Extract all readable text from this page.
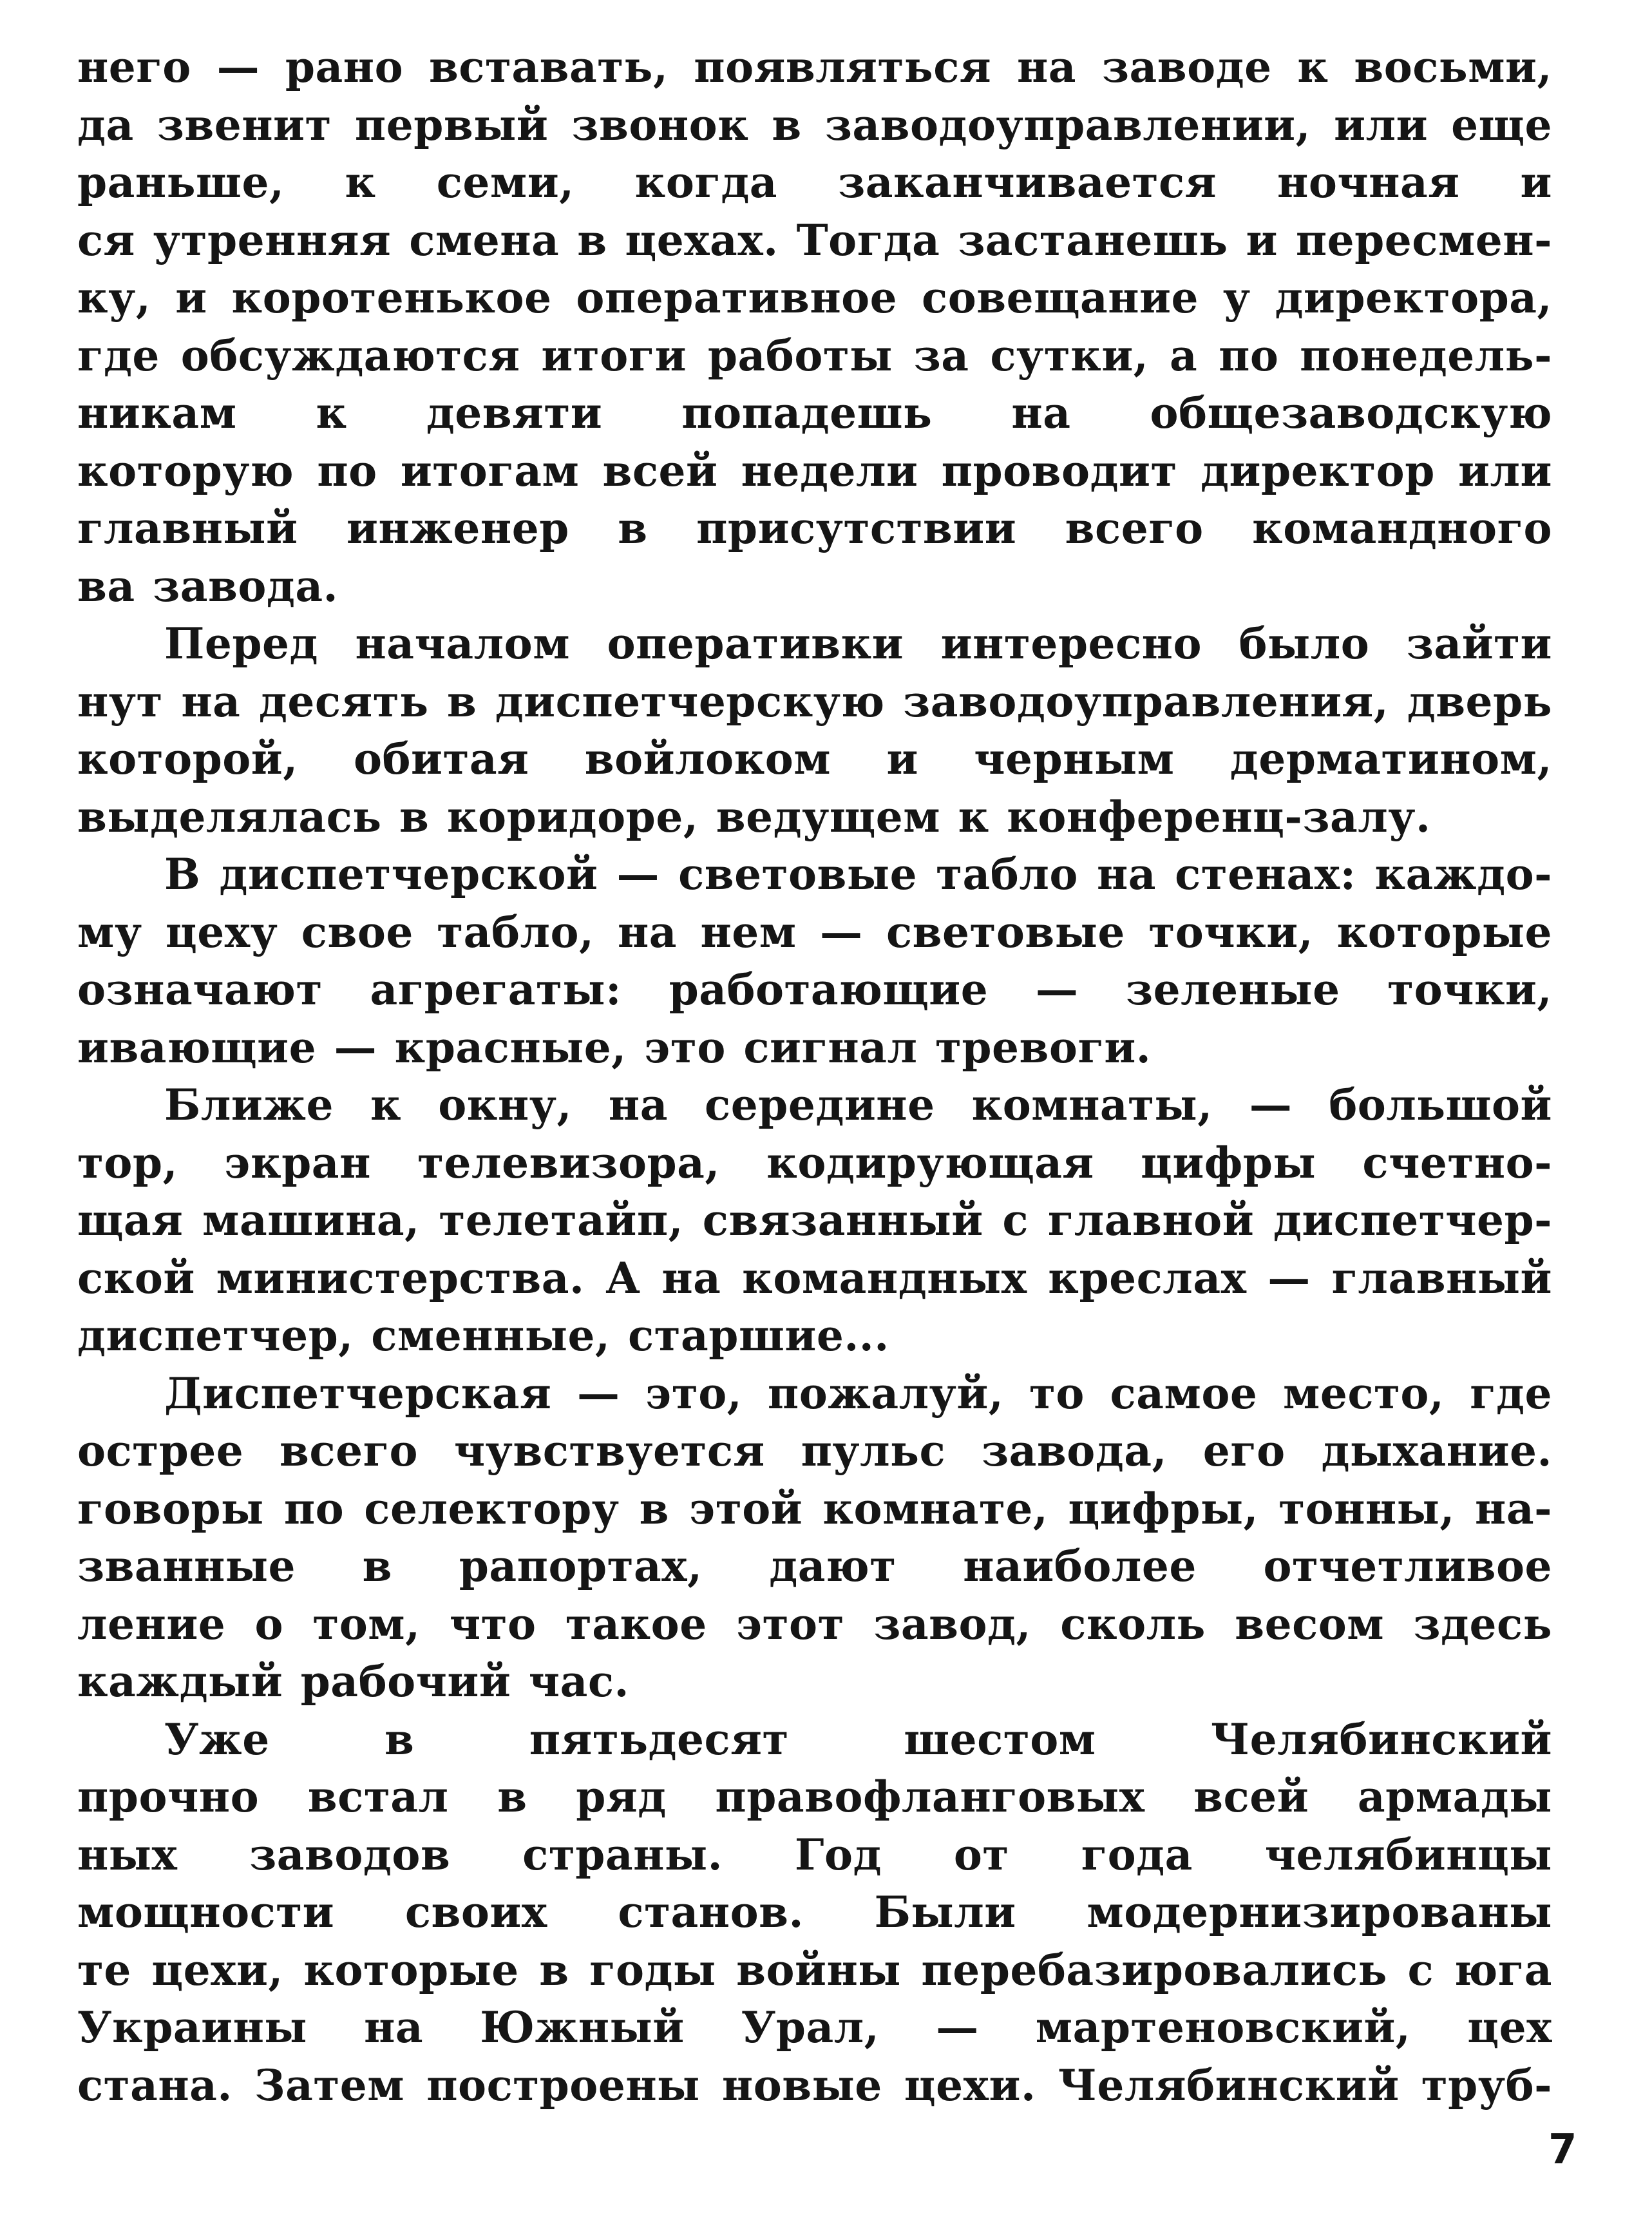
него — рано вставать, появляться на заводе к восьми,
да звенит первый звонок в заводоуправлении, или еще
раньше, к семи, когда заканчивается ночная и
ся утренняя смена в цехах. Тогда застанешь и пересмен-
ку, и коротенькое оперативное совещание у директора,
где обсуждаются итоги работы за сутки, а по понедель-
никам к девяти попадешь на общезаводскую
которую по итогам всей недели проводит директор или
главный инженер в присутствии всего командного
ва завода.
Перед началом оперативки интересно было зайти
нут на десять в диспетчерскую заводоуправления, дверь
которой, обитая войлоком и черным дерматином,
выделялась в коридоре, ведущем к конференц-залу.
В диспетчерской — световые табло на стенах: каждо-
му цеху свое табло, на нем — световые точки, которые
означают агрегаты: работающие — зеленые точки,
ивающие — красные, это сигнал тревоги.
Ближе к окну, на середине комнаты, — большой
тор, экран телевизора, кодирующая цифры счетно-
щая машина, телетайп, связанный с главной диспетчер-
ской министерства. А на командных креслах — главный
диспетчер, сменные, старшие...
Диспетчерская — это, пожалуй, то самое место, где
острее всего чувствуется пульс завода, его дыхание.
говоры по селектору в этой комнате, цифры, тонны, на-
званные в рапортах, дают наиболее отчетливое
ление о том, что такое этот завод, сколь весом здесь
каждый рабочий час.
Уже в пятьдесят шестом Челябинский
прочно встал в ряд правофланговых всей армады
ных заводов страны. Год от года челябинцы
мощности своих станов. Были модернизированы
те цехи, которые в годы войны перебазировались с юга
Украины на Южный Урал, — мартеновский, цех
стана. Затем построены новые цехи. Челябинский труб-
7
